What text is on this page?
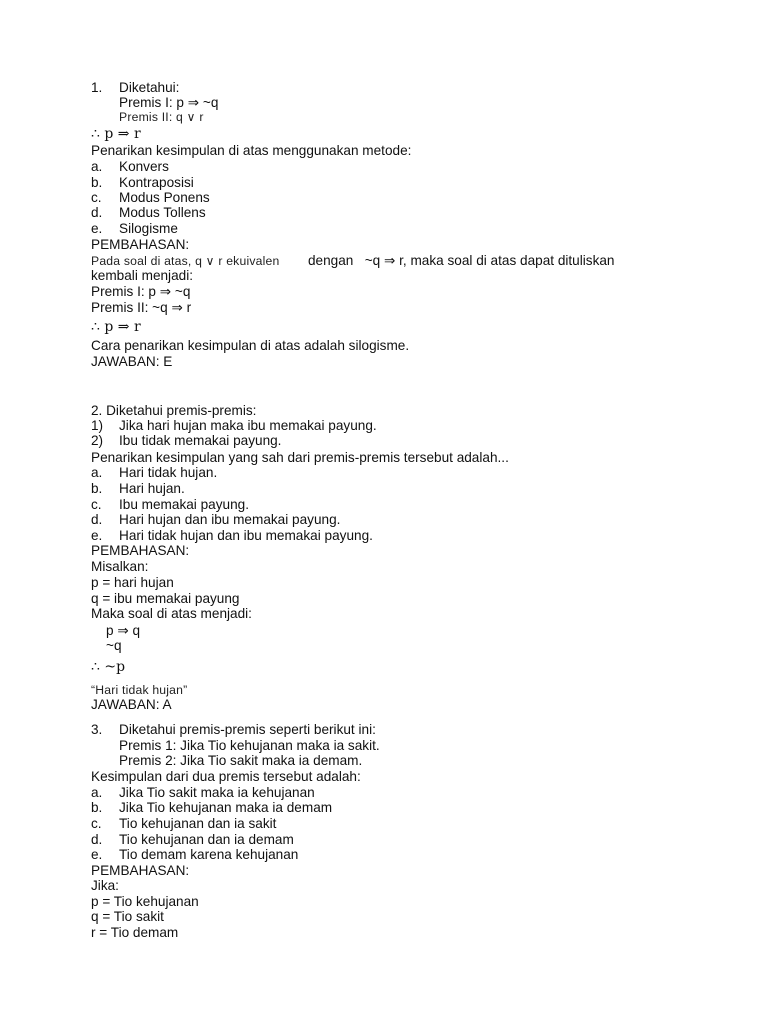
1. Diketahui:
Premis I: p ⇒ ~q
Premis II: q ∨ r
∴ p ⇒ r
Penarikan kesimpulan di atas menggunakan metode:
a. Konvers
b. Kontraposisi
c. Modus Ponens
d. Modus Tollens
e. Silogisme
PEMBAHASAN:
Pada soal di atas, q ∨ r ekuivalen dengan   ~q ⇒ r, maka soal di atas dapat dituliskan
kembali menjadi:
Premis I: p ⇒ ~q
Premis II: ~q ⇒ r
∴ p ⇒ r
Cara penarikan kesimpulan di atas adalah silogisme.
JAWABAN: E
2. Diketahui premis-premis:
1) Jika hari hujan maka ibu memakai payung.
2) Ibu tidak memakai payung.
Penarikan kesimpulan yang sah dari premis-premis tersebut adalah...
a. Hari tidak hujan.
b. Hari hujan.
c. Ibu memakai payung.
d. Hari hujan dan ibu memakai payung.
e. Hari tidak hujan dan ibu memakai payung.
PEMBAHASAN:
Misalkan:
p = hari hujan
q = ibu memakai payung
Maka soal di atas menjadi:
p ⇒ q
~q
∴ ~p
“Hari tidak hujan”
JAWABAN: A
3. Diketahui premis-premis seperti berikut ini:
Premis 1: Jika Tio kehujanan maka ia sakit.
Premis 2: Jika Tio sakit maka ia demam.
Kesimpulan dari dua premis tersebut adalah:
a. Jika Tio sakit maka ia kehujanan
b. Jika Tio kehujanan maka ia demam
c. Tio kehujanan dan ia sakit
d. Tio kehujanan dan ia demam
e. Tio demam karena kehujanan
PEMBAHASAN:
Jika:
p = Tio kehujanan
q = Tio sakit
r = Tio demam
